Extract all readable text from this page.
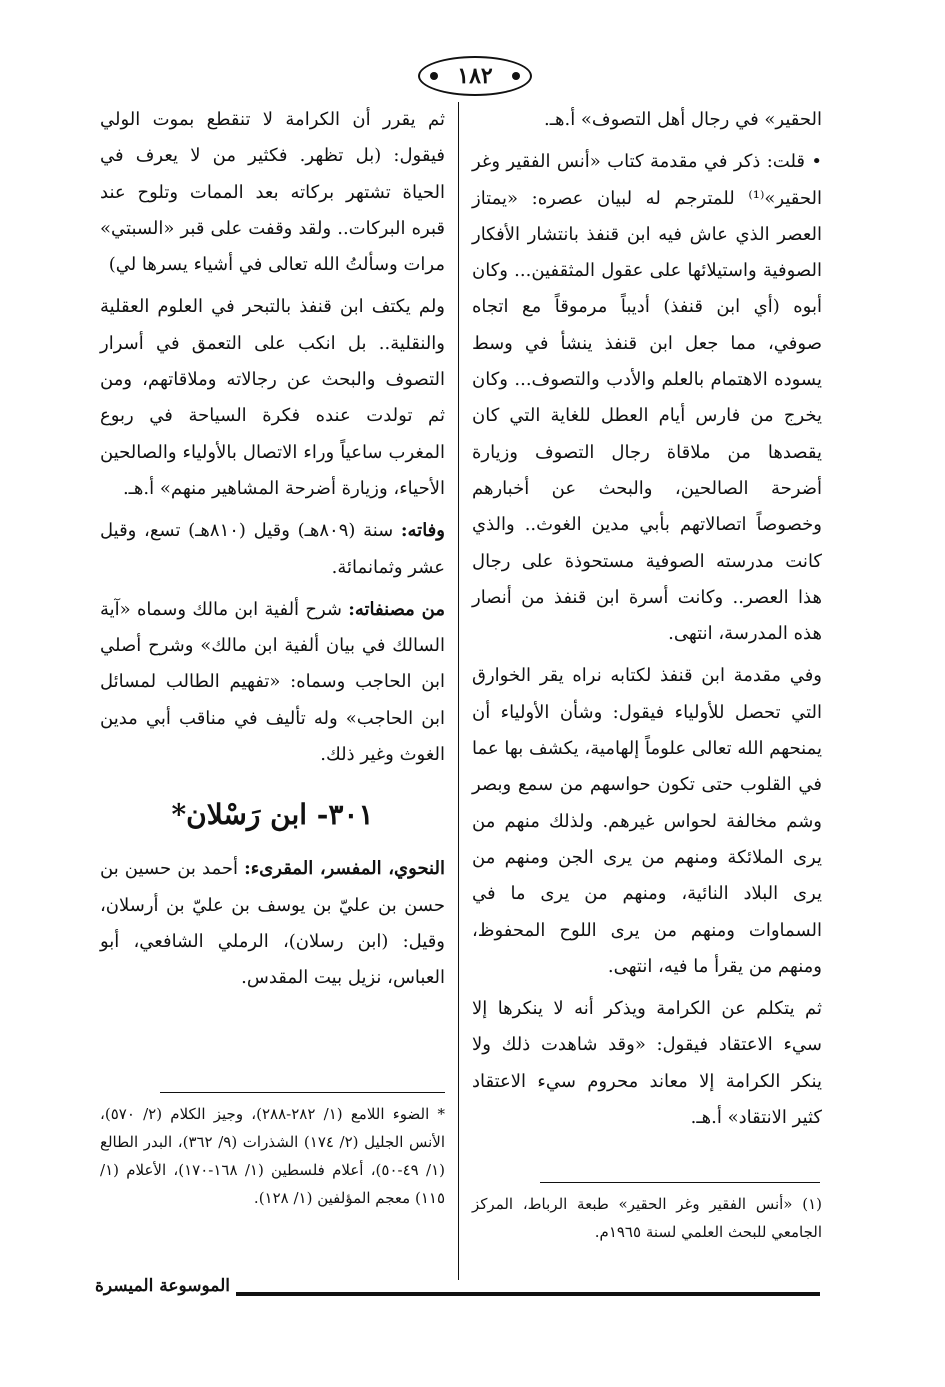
١٨٢

الحقير» في رجال أهل التصوف» أ.هـ.

• قلت: ذكر في مقدمة كتاب «أنس الفقير وغر الحقير»⁽¹⁾ للمترجم له لبيان عصره: «يمتاز العصر الذي عاش فيه ابن قنفذ بانتشار الأفكار الصوفية واستيلائها على عقول المثقفين... وكان أبوه (أي ابن قنفذ) أديباً مرموقاً مع اتجاه صوفي، مما جعل ابن قنفذ ينشأ في وسط يسوده الاهتمام بالعلم والأدب والتصوف... وكان يخرج من فارس أيام العطل للغاية التي كان يقصدها من ملاقاة رجال التصوف وزيارة أضرحة الصالحين، والبحث عن أخبارهم وخصوصاً اتصالاتهم بأبي مدين الغوث.. والذي كانت مدرسته الصوفية مستحوذة على رجال هذا العصر.. وكانت أسرة ابن قنفذ من أنصار هذه المدرسة، انتهى.

وفي مقدمة ابن قنفذ لكتابه نراه يقر الخوارق التي تحصل للأولياء فيقول: وشأن الأولياء أن يمنحهم الله تعالى علوماً إلهامية، يكشف بها عما في القلوب حتى تكون حواسهم من سمع وبصر وشم مخالفة لحواس غيرهم. ولذلك منهم من يرى الملائكة ومنهم من يرى الجن ومنهم من يرى البلاد النائية، ومنهم من يرى ما في السماوات ومنهم من يرى اللوح المحفوظ، ومنهم من يقرأ ما فيه، انتهى.

ثم يتكلم عن الكرامة ويذكر أنه لا ينكرها إلا سيء الاعتقاد فيقول: «وقد شاهدت ذلك ولا ينكر الكرامة إلا معاند محروم سيء الاعتقاد كثير الانتقاد» أ.هـ.

ثم يقرر أن الكرامة لا تنقطع بموت الولي فيقول: (بل تظهر. فكثير من لا يعرف في الحياة تشتهر بركاته بعد الممات وتلوح عند قبره البركات.. ولقد وقفت على قبر «السبتي» مرات وسألتُ الله تعالى في أشياء يسرها لي)

ولم يكتف ابن قنفذ بالتبحر في العلوم العقلية والنقلية.. بل انكب على التعمق في أسرار التصوف والبحث عن رجالاته وملاقاتهم، ومن ثم تولدت عنده فكرة السياحة في ربوع المغرب ساعياً وراء الاتصال بالأولياء والصالحين الأحياء، وزيارة أضرحة المشاهير منهم» أ.هـ.

وفاته: سنة (٨٠٩هـ) وقيل (٨١٠هـ) تسع، وقيل عشر وثمانمائة.

من مصنفاته: شرح ألفية ابن مالك وسماه «آية السالك في بيان ألفية ابن مالك» وشرح أصلي ابن الحاجب وسماه: «تفهيم الطالب لمسائل ابن الحاجب» وله تأليف في مناقب أبي مدين الغوث وغير ذلك.

٣٠١- ابن رَسْلان*

النحوي، المفسر، المقرىء: أحمد بن حسين بن حسن بن عليّ بن يوسف بن عليّ بن أرسلان، وقيل: (ابن رسلان)، الرملي الشافعي، أبو العباس، نزيل بيت المقدس.

* الضوء اللامع (١/ ٢٨٢-٢٨٨)، وجيز الكلام (٢/ ٥٧٠)، الأنس الجليل (٢/ ١٧٤) الشذرات (٩/ ٣٦٢)، البدر الطالع (١/ ٤٩-٥٠)، أعلام فلسطين (١/ ١٦٨-١٧٠)، الأعلام (١/ ١١٥) معجم المؤلفين (١/ ١٢٨). (١) «أنس الفقير وغر الحقير» طبعة الرباط، المركز الجامعي للبحث العلمي لسنة ١٩٦٥م.

الموسوعة الميسرة
